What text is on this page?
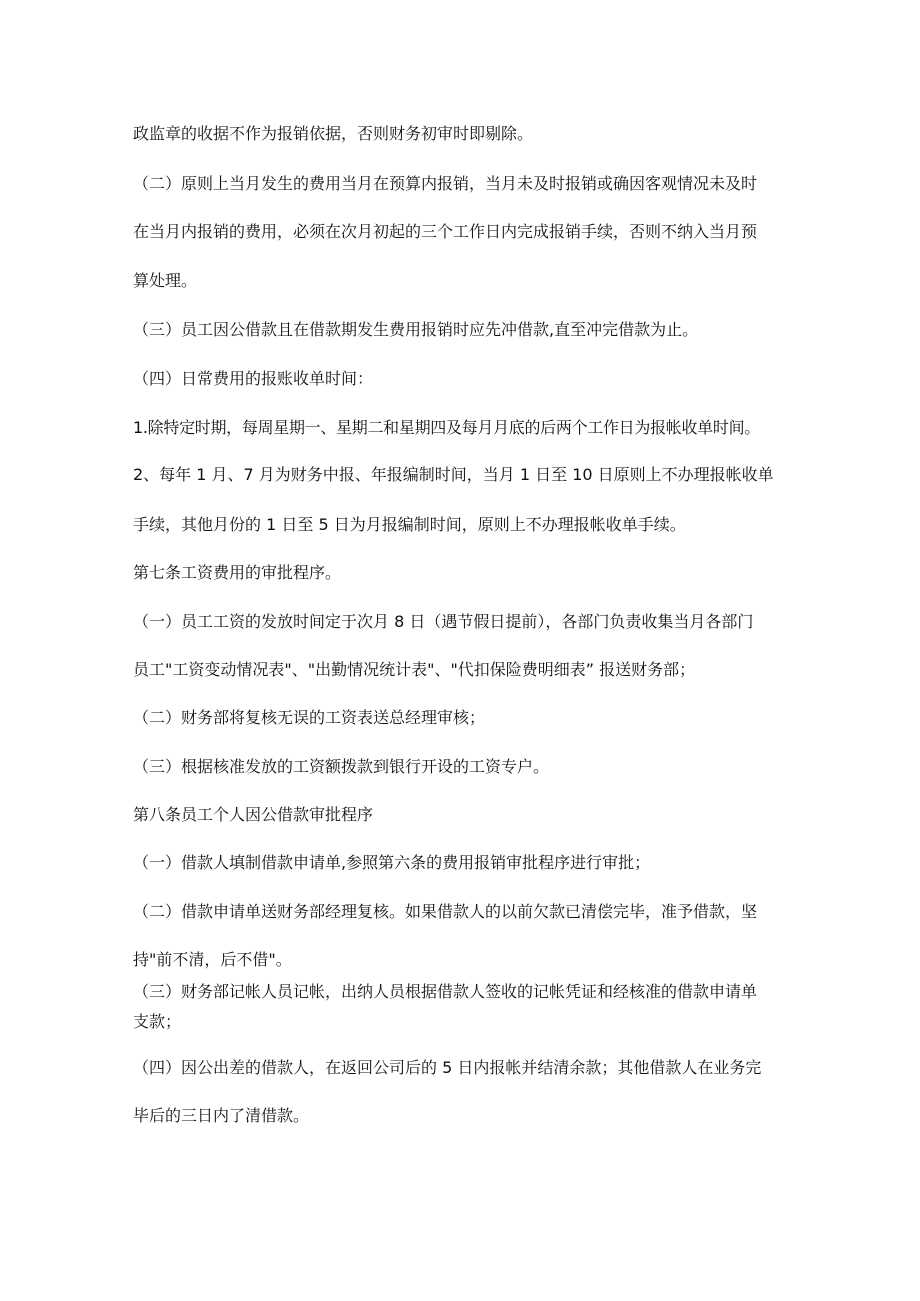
政监章的收据不作为报销依据，否则财务初审时即剔除。

（二）原则上当月发生的费用当月在预算内报销，当月未及时报销或确因客观情况未及时

在当月内报销的费用，必须在次月初起的三个工作日内完成报销手续，否则不纳入当月预

算处理。

（三）员工因公借款且在借款期发生费用报销时应先冲借款,直至冲完借款为止。

（四）日常费用的报账收单时间：

1.除特定时期，每周星期一、星期二和星期四及每月月底的后两个工作日为报帐收单时间。

2、每年 1 月、7 月为财务中报、年报编制时间，当月 1 日至 10 日原则上不办理报帐收单

手续，其他月份的 1 日至 5 日为月报编制时间，原则上不办理报帐收单手续。

第七条工资费用的审批程序。

（一）员工工资的发放时间定于次月 8 日（遇节假日提前），各部门负责收集当月各部门

员工"工资变动情况表"、"出勤情况统计表"、"代扣保险费明细表” 报送财务部；

（二）财务部将复核无误的工资表送总经理审核；

（三）根据核准发放的工资额拨款到银行开设的工资专户。

第八条员工个人因公借款审批程序

（一）借款人填制借款申请单,参照第六条的费用报销审批程序进行审批；

（二）借款申请单送财务部经理复核。如果借款人的以前欠款已清偿完毕，准予借款，坚

持"前不清，后不借"。

（三）财务部记帐人员记帐，出纳人员根据借款人签收的记帐凭证和经核准的借款申请单

支款；

（四）因公出差的借款人，在返回公司后的 5 日内报帐并结清余款；其他借款人在业务完

毕后的三日内了清借款。
